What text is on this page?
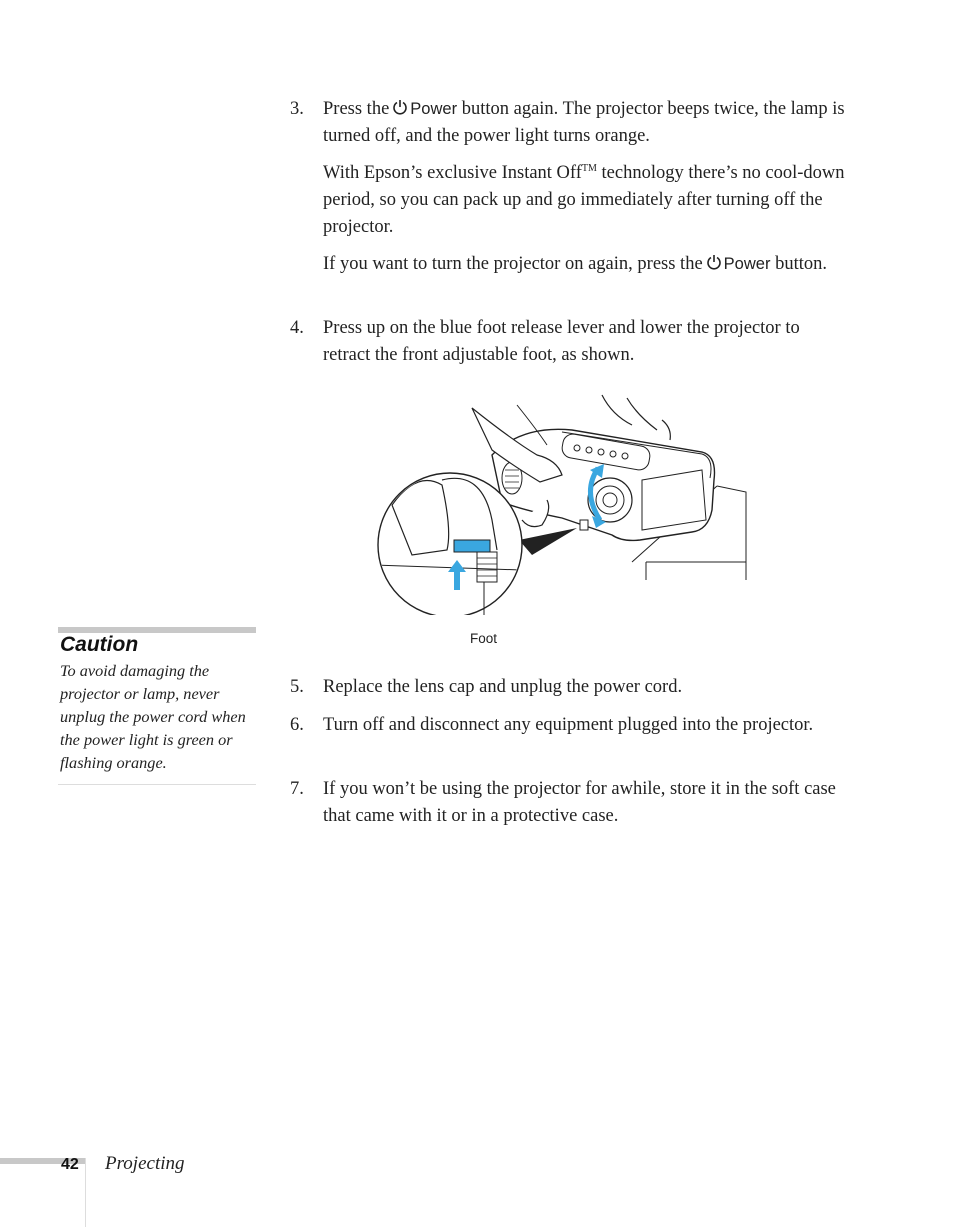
3. Press the Power button again. The projector beeps twice, the lamp is turned off, and the power light turns orange.
With Epson’s exclusive Instant Off™ technology there’s no cool-down period, so you can pack up and go immediately after turning off the projector.
If you want to turn the projector on again, press the Power button.
4. Press up on the blue foot release lever and lower the projector to retract the front adjustable foot, as shown.
Foot
Caution
To avoid damaging the projector or lamp, never unplug the power cord when the power light is green or flashing orange.
5. Replace the lens cap and unplug the power cord.
6. Turn off and disconnect any equipment plugged into the projector.
7. If you won’t be using the projector for awhile, store it in the soft case that came with it or in a protective case.
42 Projecting
